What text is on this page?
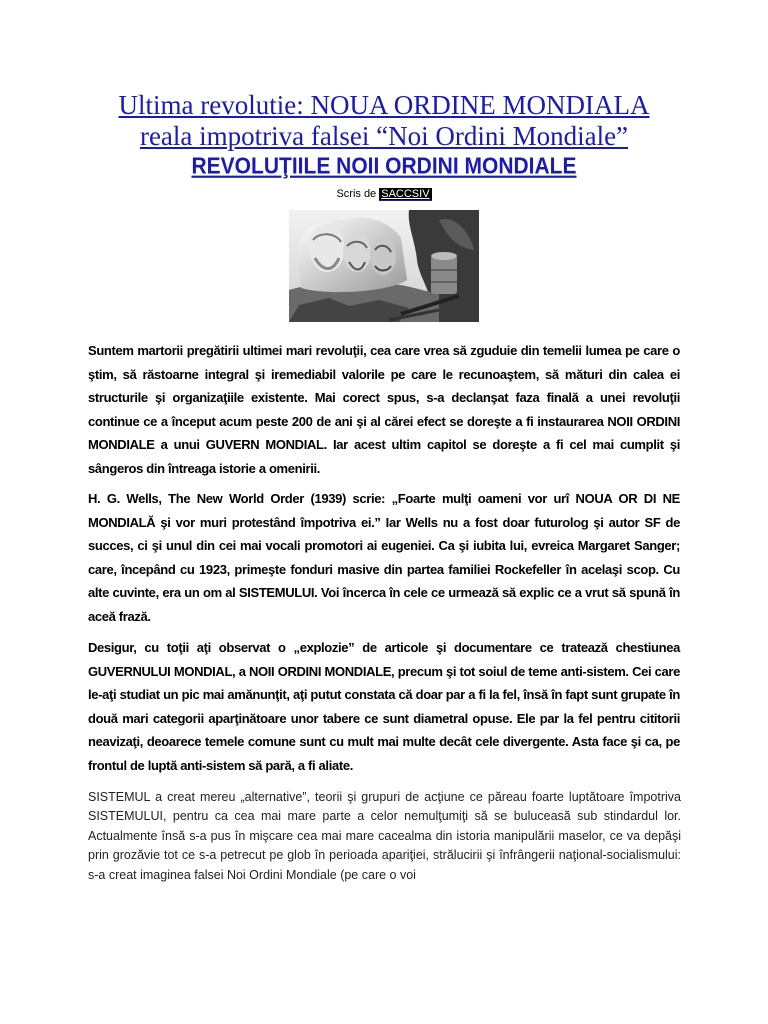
Ultima revolutie: NOUA ORDINE MONDIALA
reala impotriva falsei “Noi Ordini Mondiale”
REVOLUŢIILE NOII ORDINI MONDIALE
Scris de SACCSIV

Suntem martorii pregătirii ultimei mari revoluţii, cea care vrea să zguduie din temelii lumea pe care o ştim, să răstoarne integral şi iremediabil valorile pe care le recunoaştem, să mături din calea ei structurile şi organizaţiile existente. Mai corect spus, s-a declanşat faza finală a unei revoluţii continue ce a început acum peste 200 de ani şi al cărei efect se doreşte a fi instaurarea NOII ORDINI MONDIALE a unui GUVERN MONDIAL. Iar acest ultim capitol se doreşte a fi cel mai cumplit şi sângeros din întreaga istorie a omenirii.

H. G. Wells, The New World Order (1939) scrie: „Foarte mulţi oameni vor urî NOUA OR DI NE MONDIALĂ şi vor muri protestând împotriva ei.” Iar Wells nu a fost doar futurolog şi autor SF de succes, ci şi unul din cei mai vocali promotori ai eugeniei. Ca şi iubita lui, evreica Margaret Sanger; care, începând cu 1923, primeşte fonduri masive din partea familiei Rockefeller în acelaşi scop. Cu alte cuvinte, era un om al SISTEMULUI. Voi încerca în cele ce urmează să explic ce a vrut să spună în aceă frază.

Desigur, cu toţii aţi observat o „explozie” de articole şi documentare ce tratează chestiunea GUVERNULUI MONDIAL, a NOII ORDINI MONDIALE, precum şi tot soiul de teme anti-sistem. Cei care le-aţi studiat un pic mai amănunţit, aţi putut constata că doar par a fi la fel, însă în fapt sunt grupate în două mari categorii aparţinătoare unor tabere ce sunt diametral opuse. Ele par la fel pentru cititorii neavizaţi, deoarece temele comune sunt cu mult mai multe decât cele divergente. Asta face şi ca, pe frontul de luptă anti-sistem să pară, a fi aliate.

SISTEMUL a creat mereu „alternative”, teorii şi grupuri de acţiune ce păreau foarte luptătoare împotriva SISTEMULUI, pentru ca cea mai mare parte a celor nemulţumiţi să se buluceasă sub stindardul lor. Actualmente însă s-a pus în mişcare cea mai mare cacealma din istoria manipulării maselor, ce va depăşi prin grozăvie tot ce s-a petrecut pe glob în perioada apariţiei, strălucirii şi înfrângerii naţional-socialismului: s-a creat imaginea falsei Noi Ordini Mondiale (pe care o voi
